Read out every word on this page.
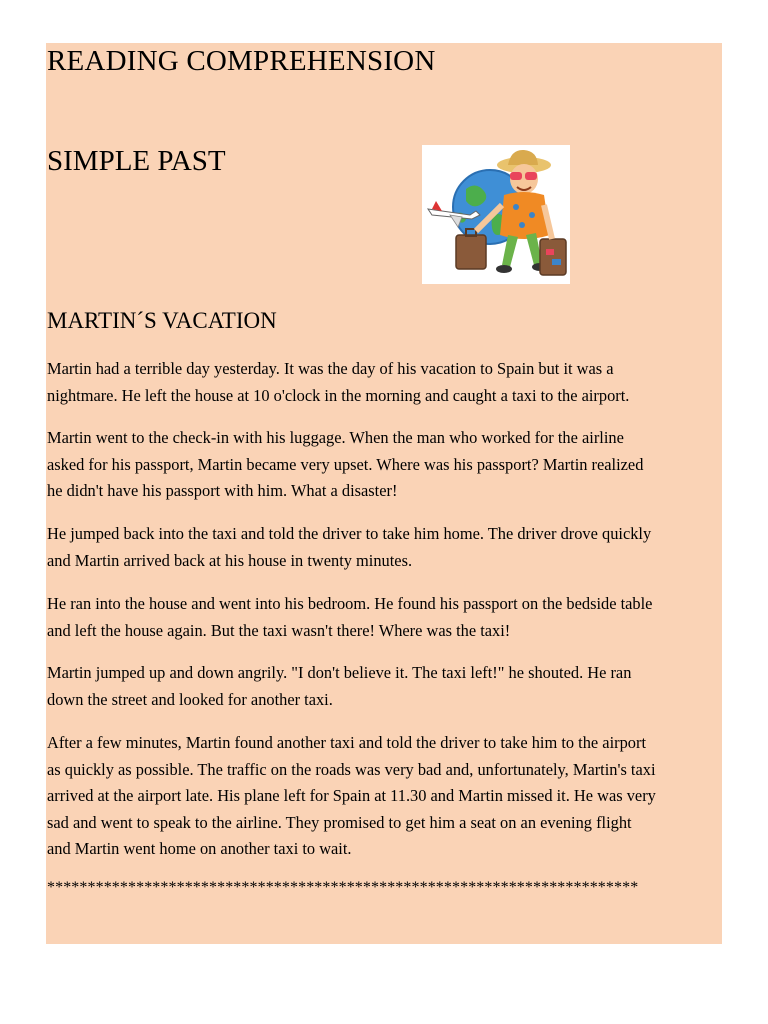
READING COMPREHENSION
SIMPLE PAST
MARTIN´S VACATION
Martin had a terrible day yesterday. It was the day of his vacation to Spain but it was a
nightmare. He left the house at 10 o'clock in the morning and caught a taxi to the airport.
Martin went to the check-in with his luggage. When the man who worked for the airline
asked for his passport, Martin became very upset. Where was his passport? Martin realized
he didn't have his passport with him. What a disaster!
He jumped back into the taxi and told the driver to take him home. The driver drove quickly
and Martin arrived back at his house in twenty minutes.
He ran into the house and went into his bedroom. He found his passport on the bedside table
and left the house again. But the taxi wasn't there! Where was the taxi!
Martin jumped up and down angrily. "I don't believe it. The taxi left!" he shouted. He ran
down the street and looked for another taxi.
After a few minutes, Martin found another taxi and told the driver to take him to the airport
as quickly as possible. The traffic on the roads was very bad and, unfortunately, Martin's taxi
arrived at the airport late. His plane left for Spain at 11.30 and Martin missed it. He was very
sad and went to speak to the airline. They promised to get him a seat on an evening flight
and Martin went home on another taxi to wait.
*************************************************************************
